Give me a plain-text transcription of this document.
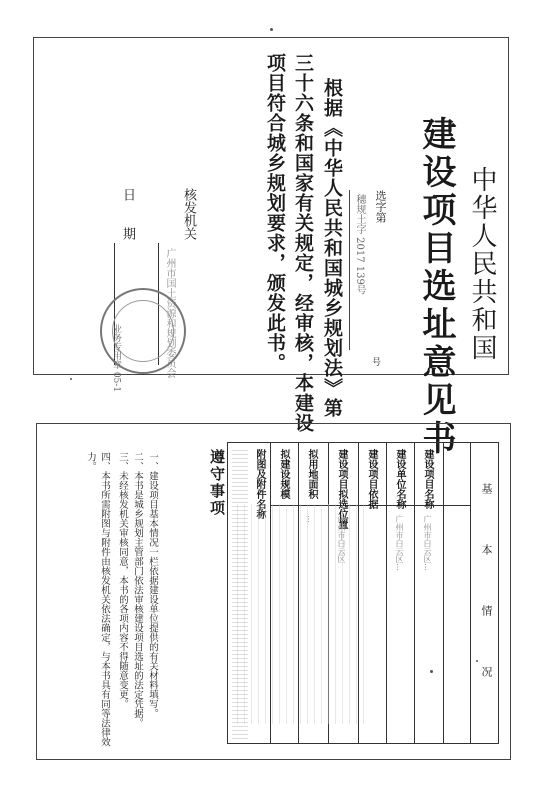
中华人民共和国
建设项目选址意见书
选字第
穗规土字 2017 139号
号
根据《中华人民共和国城乡规划法》第
三十六条和国家有关规定，经审核，本建设
项目符合城乡规划要求，颁发此书。
核发机关
广州市国土资源和规划委员会
日　　期
业务专用章 05-1
遵守事项
一、建设项目基本情况一栏依据建设单位提供的有关材料填写。
二、本书是城乡规划主管部门依法审核建设项目选址的法定凭据。
三、未经核发机关审核同意，本书的各项内容不得随意变更。
四、本书所需附图与附件由核发机关依法确定，与本书具有同等法律效力。
基本情况
建设项目名称
建设单位名称
建设项目依据
建设项目拟选位置
拟用地面积
拟建设规模
广州市白云区…
广州市白云区…
广州市白云区
…
附图及附件名称
